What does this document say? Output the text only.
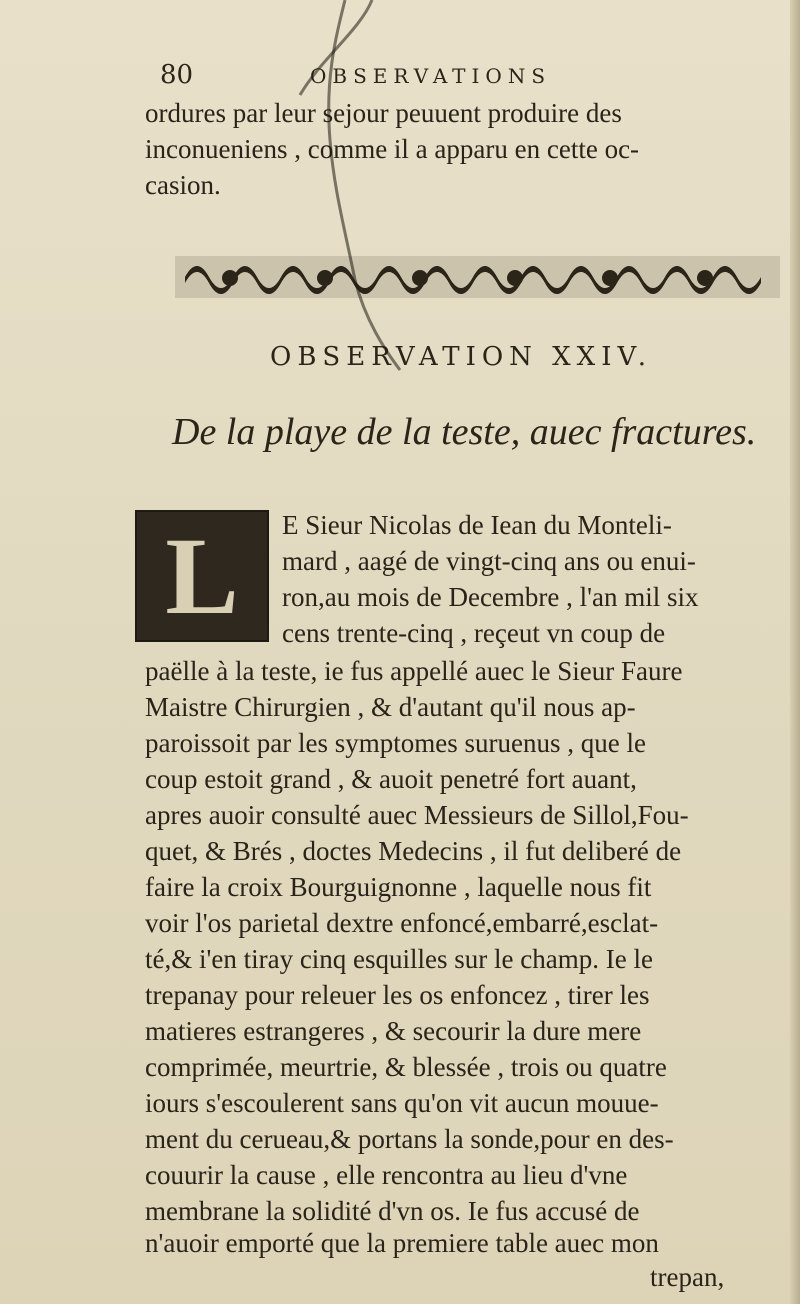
80	OBSERVATIONS
ordures par leur sejour peuuent produire des
inconueniens , comme il a apparu en cette oc-
casion.
OBSERVATION XXIV.
De la playe de la teste, auec fractures.
L	E Sieur Nicolas de Iean du Monteli-
mard , aagé de vingt-cinq ans ou enui-
ron,au mois de Decembre , l'an mil six
cens trente-cinq , reçeut vn coup de
paëlle à la teste, ie fus appellé auec le Sieur Faure
Maistre Chirurgien , & d'autant qu'il nous ap-
paroissoit par les symptomes suruenus , que le
coup estoit grand , & auoit penetré fort auant,
apres auoir consulté auec Messieurs de Sillol,Fou-
quet, & Brés , doctes Medecins , il fut deliberé de
faire la croix Bourguignonne , laquelle nous fit
voir l'os parietal dextre enfoncé,embarré,esclat-
té,& i'en tiray cinq esquilles sur le champ. Ie le
trepanay pour releuer les os enfoncez , tirer les
matieres estrangeres , & secourir la dure mere
comprimée, meurtrie, & blessée , trois ou quatre
iours s'escoulerent sans qu'on vit aucun mouue-
ment du cerueau,& portans la sonde,pour en des-
couurir la cause , elle rencontra au lieu d'vne
membrane la solidité d'vn os. Ie fus accusé de
n'auoir emporté que la premiere table auec mon
trepan,
